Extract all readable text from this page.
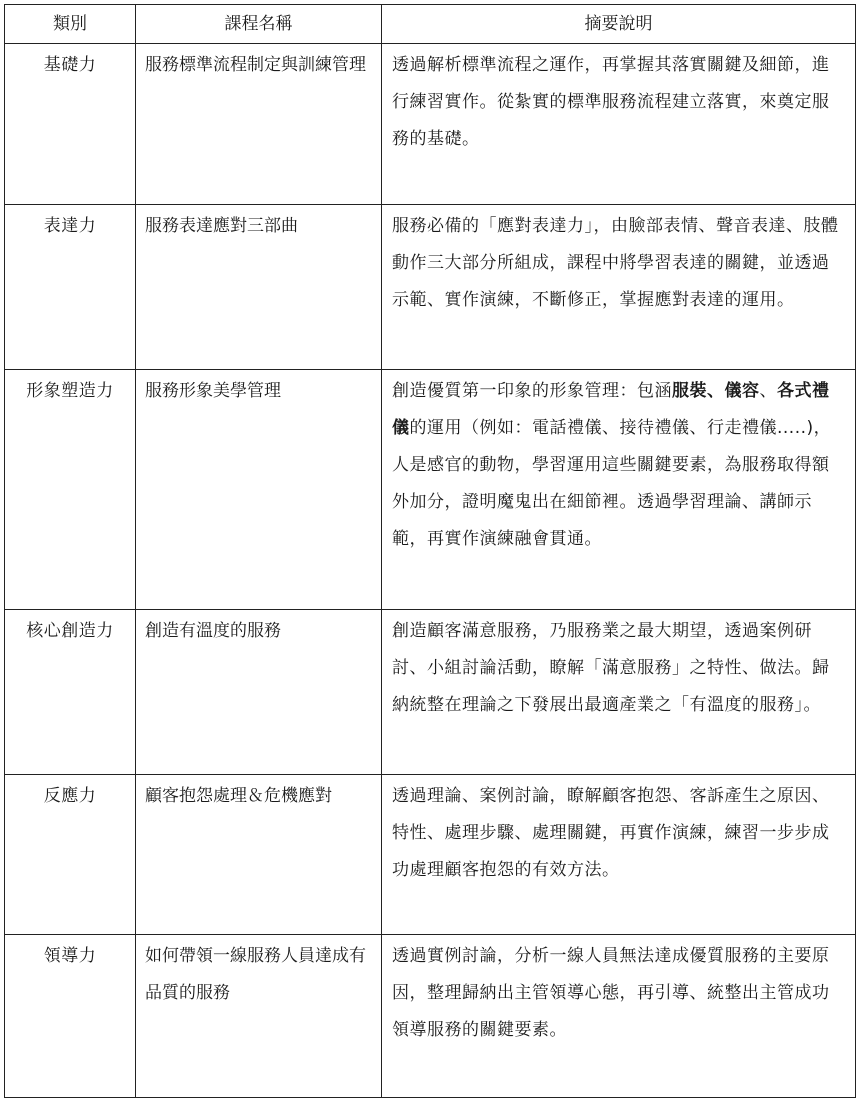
類別	課程名稱	摘要說明
基礎力	服務標準流程制定與訓練管理	透過解析標準流程之運作，再掌握其落實關鍵及細節，進行練習實作。從紮實的標準服務流程建立落實，來奠定服務的基礎。
表達力	服務表達應對三部曲	服務必備的「應對表達力」，由臉部表情、聲音表達、肢體動作三大部分所組成，課程中將學習表達的關鍵，並透過示範、實作演練，不斷修正，掌握應對表達的運用。
形象塑造力	服務形象美學管理	創造優質第一印象的形象管理：包涵服裝、儀容、各式禮儀的運用（例如：電話禮儀、接待禮儀、行走禮儀.....)，人是感官的動物，學習運用這些關鍵要素，為服務取得額外加分，證明魔鬼出在細節裡。透過學習理論、講師示範，再實作演練融會貫通。
核心創造力	創造有溫度的服務	創造顧客滿意服務，乃服務業之最大期望，透過案例研討、小組討論活動，瞭解「滿意服務」之特性、做法。歸納統整在理論之下發展出最適產業之「有溫度的服務」。
反應力	顧客抱怨處理＆危機應對	透過理論、案例討論，瞭解顧客抱怨、客訴產生之原因、特性、處理步驟、處理關鍵，再實作演練，練習一步步成功處理顧客抱怨的有效方法。
領導力	如何帶領一線服務人員達成有品質的服務	透過實例討論，分析一線人員無法達成優質服務的主要原因，整理歸納出主管領導心態，再引導、統整出主管成功領導服務的關鍵要素。
